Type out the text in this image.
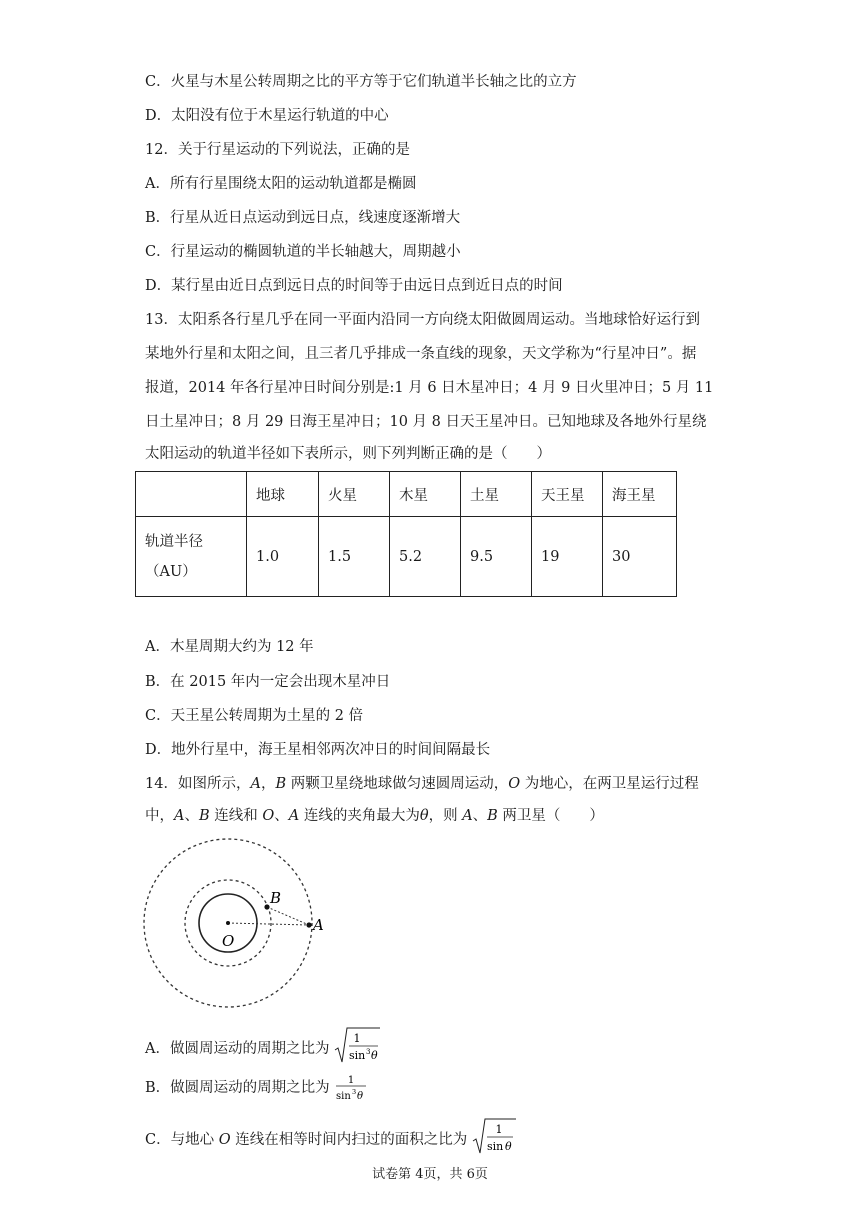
C．火星与木星公转周期之比的平方等于它们轨道半长轴之比的立方
D．太阳没有位于木星运行轨道的中心
12．关于行星运动的下列说法，正确的是
A．所有行星围绕太阳的运动轨道都是椭圆
B．行星从近日点运动到远日点，线速度逐渐增大
C．行星运动的椭圆轨道的半长轴越大，周期越小
D．某行星由近日点到远日点的时间等于由远日点到近日点的时间
13．太阳系各行星几乎在同一平面内沿同一方向绕太阳做圆周运动。当地球恰好运行到
某地外行星和太阳之间，且三者几乎排成一条直线的现象，天文学称为“行星冲日”。据
报道，2014 年各行星冲日时间分别是:1 月 6 日木星冲日；4 月 9 日火里冲日；5 月 11
日土星冲日；8 月 29 日海王星冲日；10 月 8 日天王星冲日。已知地球及各地外行星绕
太阳运动的轨道半径如下表所示，则下列判断正确的是（　　）
	地球	火星	木星	土星	天王星	海王星
轨道半径
（AU）	1.0	1.5	5.2	9.5	19	30
A．木星周期大约为 12 年
B．在 2015 年内一定会出现木星冲日
C．天王星公转周期为土星的 2 倍
D．地外行星中，海王星相邻两次冲日的时间间隔最长
14．如图所示，A，B 两颗卫星绕地球做匀速圆周运动，O 为地心，在两卫星运行过程
中，A、B 连线和 O、A 连线的夹角最大为θ，则 A、B 两卫星（　　）
O
B
A
A．做圆周运动的周期之比为
1
sin 3 θ
B．做圆周运动的周期之比为 1
sin 3 θ
C．与地心 O 连线在相等时间内扫过的面积之比为
1
sin θ
试卷第 4页，共 6页
